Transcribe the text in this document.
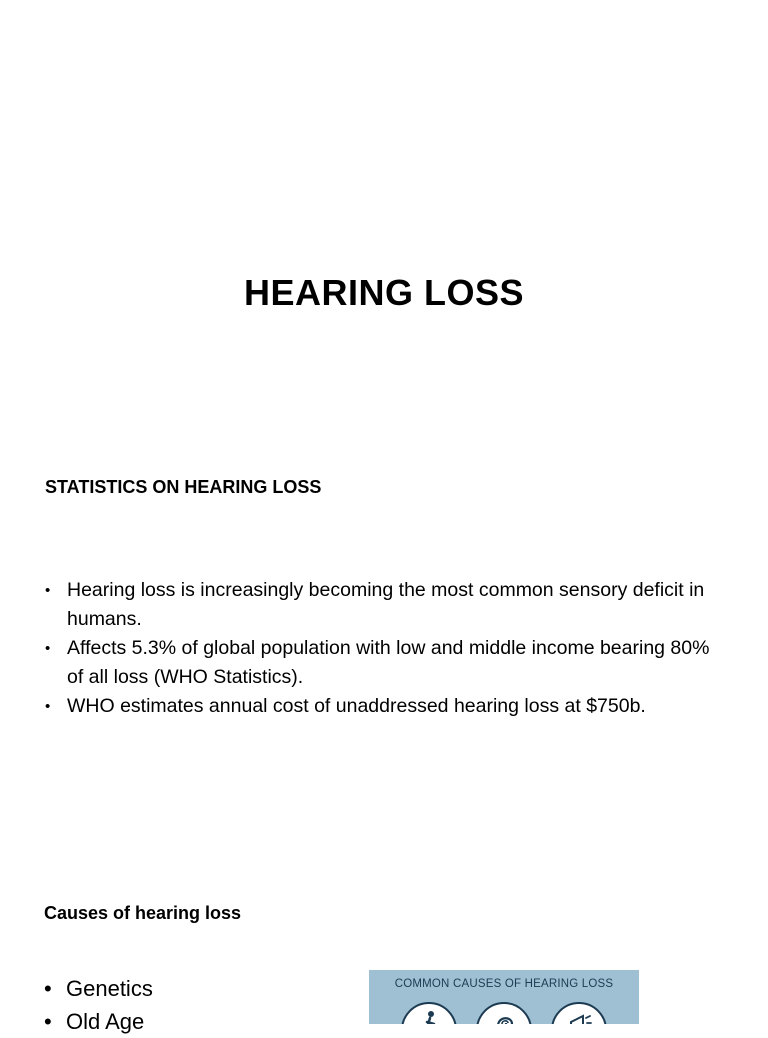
HEARING LOSS
STATISTICS ON HEARING LOSS
• Hearing loss is increasingly becoming the most common sensory deficit in humans.
• Affects 5.3% of global population with low and middle income bearing 80% of all loss (WHO Statistics).
• WHO estimates annual cost of unaddressed hearing loss at $750b.
Causes of hearing loss
• Genetics
• Old Age
COMMON CAUSES OF HEARING LOSS
